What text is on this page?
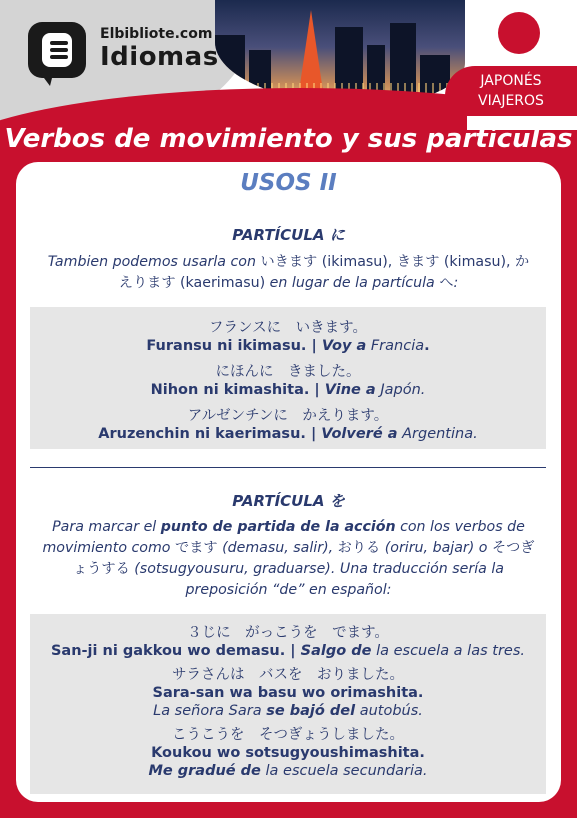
JAPONÉS
VIAJEROS
Elbibliote.com
Idiomas
Verbos de movimiento y sus partículas
USOS II
PARTÍCULA に
Tambien podemos usarla con いきます (ikimasu), きます (kimasu), かえります (kaerimasu) en lugar de la partícula へ:
フランスに　いきます。
Furansu ni ikimasu. | Voy a Francia.
にほんに　きました。
Nihon ni kimashita. | Vine a Japón.
アルゼンチンに　かえります。
Aruzenchin ni kaerimasu. | Volveré a Argentina.
PARTÍCULA を
Para marcar el punto de partida de la acción con los verbos de movimiento como でます (demasu, salir), おりる (oriru, bajar) o そつぎょうする (sotsugyousuru, graduarse). Una traducción sería la preposición “de” en español:
３じに　がっこうを　でます。
San-ji ni gakkou wo demasu. | Salgo de la escuela a las tres.
サラさんは　バスを　おりました。
Sara-san wa basu wo orimashita.
La señora Sara se bajó del autobús.
こうこうを　そつぎょうしました。
Koukou wo sotsugyoushimashita.
Me gradué de la escuela secundaria.
